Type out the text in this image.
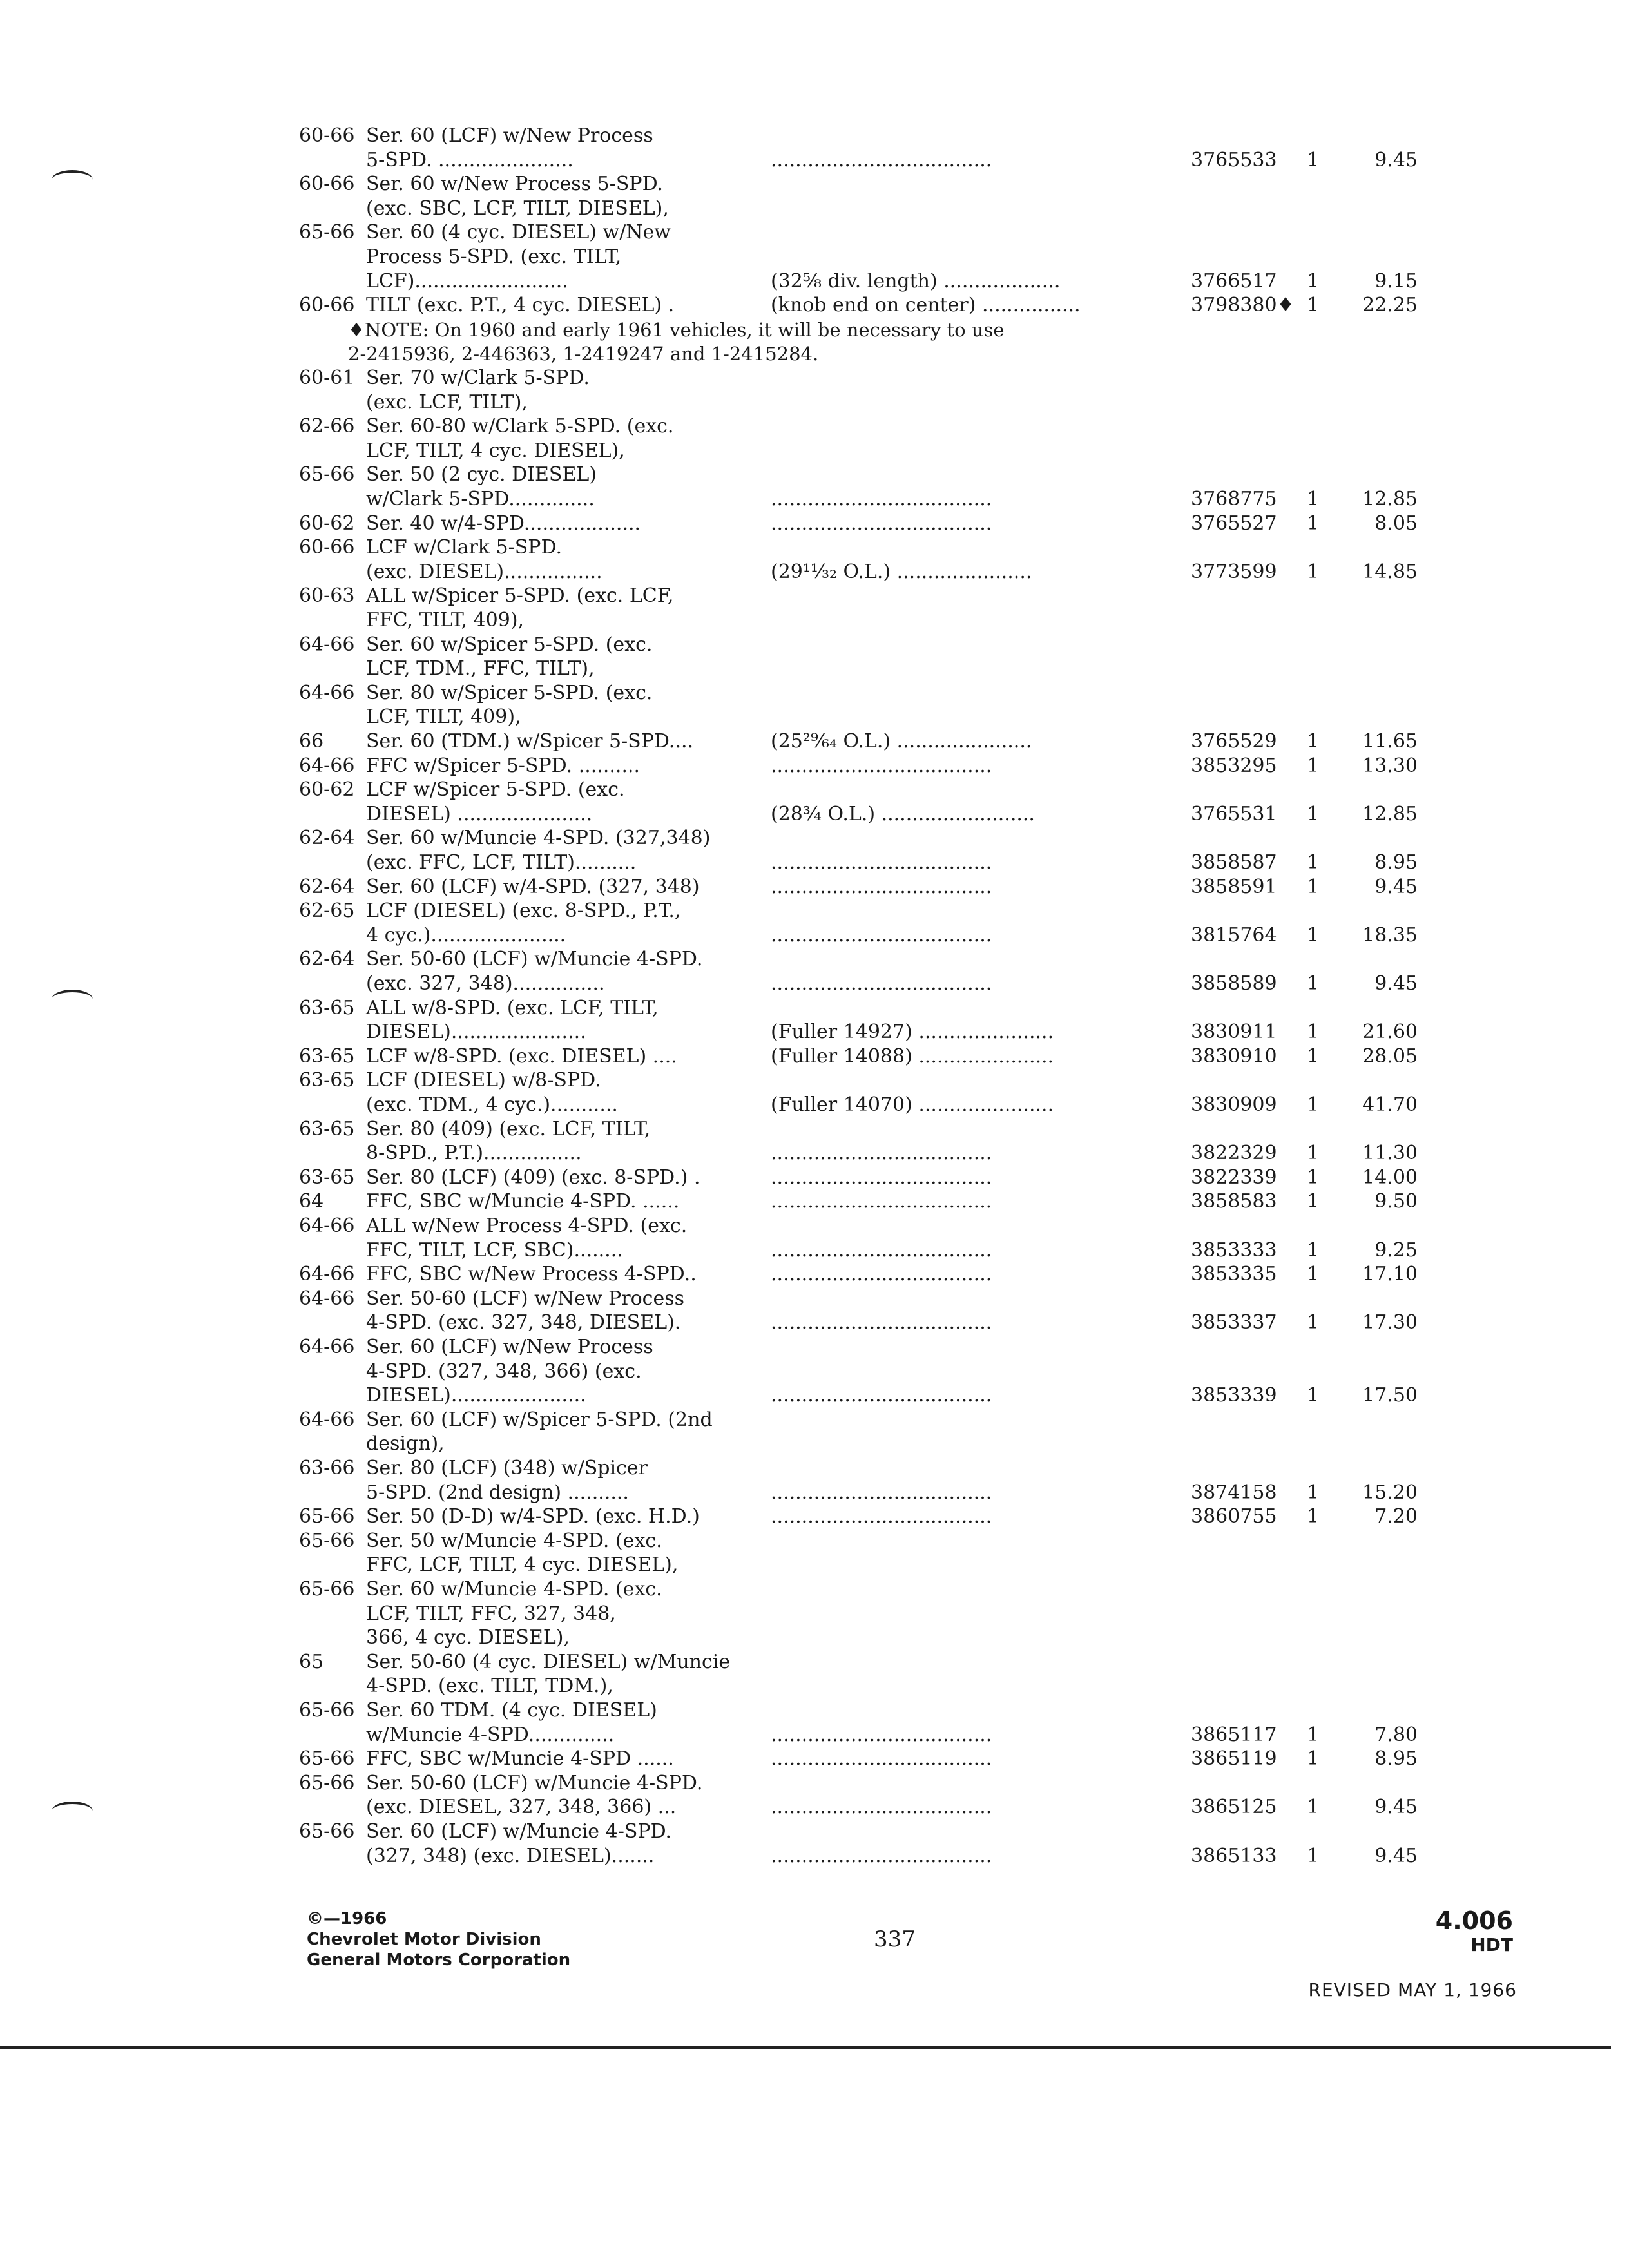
60-66 Ser. 60 (LCF) w/New Process
5-SPD. ......................	....................................	3765533 1	9.45
60-66 Ser. 60 w/New Process 5-SPD.
(exc. SBC, LCF, TILT, DIESEL),
65-66 Ser. 60 (4 cyc. DIESEL) w/New
Process 5-SPD. (exc. TILT,
LCF).........................	(32⅝ div. length) ...................	3766517 1	9.15
60-66 TILT (exc. P.T., 4 cyc. DIESEL) .	(knob end on center) ................	3798380♦ 1 22.25
♦NOTE: On 1960 and early 1961 vehicles, it will be necessary to use
2-2415936, 2-446363, 1-2419247 and 1-2415284.
60-61 Ser. 70 w/Clark 5-SPD.
(exc. LCF, TILT),
62-66 Ser. 60-80 w/Clark 5-SPD. (exc.
LCF, TILT, 4 cyc. DIESEL),
65-66 Ser. 50 (2 cyc. DIESEL)
w/Clark 5-SPD..............	....................................	3768775 1 12.85
60-62 Ser. 40 w/4-SPD...................	....................................	3765527 1	8.05
60-66 LCF w/Clark 5-SPD.
(exc. DIESEL)................	(29¹¹⁄₃₂ O.L.) ......................	3773599 1 14.85
60-63 ALL w/Spicer 5-SPD. (exc. LCF,
FFC, TILT, 409),
64-66 Ser. 60 w/Spicer 5-SPD. (exc.
LCF, TDM., FFC, TILT),
64-66 Ser. 80 w/Spicer 5-SPD. (exc.
LCF, TILT, 409),
66 Ser. 60 (TDM.) w/Spicer 5-SPD....	(25²⁹⁄₆₄ O.L.) ......................	3765529 1 11.65
64-66 FFC w/Spicer 5-SPD. ..........	....................................	3853295 1 13.30
60-62 LCF w/Spicer 5-SPD. (exc.
DIESEL) ......................	(28¾ O.L.) .........................	3765531 1 12.85
62-64 Ser. 60 w/Muncie 4-SPD. (327,348)
(exc. FFC, LCF, TILT)..........	....................................	3858587 1	8.95
62-64 Ser. 60 (LCF) w/4-SPD. (327, 348)	....................................	3858591 1	9.45
62-65 LCF (DIESEL) (exc. 8-SPD., P.T.,
4 cyc.)......................	....................................	3815764 1 18.35
62-64 Ser. 50-60 (LCF) w/Muncie 4-SPD.
(exc. 327, 348)...............	....................................	3858589 1	9.45
63-65 ALL w/8-SPD. (exc. LCF, TILT,
DIESEL)......................	(Fuller 14927) ......................	3830911 1 21.60
63-65 LCF w/8-SPD. (exc. DIESEL) ....	(Fuller 14088) ......................	3830910 1 28.05
63-65 LCF (DIESEL) w/8-SPD.
(exc. TDM., 4 cyc.)...........	(Fuller 14070) ......................	3830909 1 41.70
63-65 Ser. 80 (409) (exc. LCF, TILT,
8-SPD., P.T.)................	....................................	3822329 1 11.30
63-65 Ser. 80 (LCF) (409) (exc. 8-SPD.) .	....................................	3822339 1 14.00
64 FFC, SBC w/Muncie 4-SPD. ......	....................................	3858583 1	9.50
64-66 ALL w/New Process 4-SPD. (exc.
FFC, TILT, LCF, SBC)........	....................................	3853333 1	9.25
64-66 FFC, SBC w/New Process 4-SPD..	....................................	3853335 1 17.10
64-66 Ser. 50-60 (LCF) w/New Process
4-SPD. (exc. 327, 348, DIESEL).	....................................	3853337 1 17.30
64-66 Ser. 60 (LCF) w/New Process
4-SPD. (327, 348, 366) (exc.
DIESEL)......................	....................................	3853339 1 17.50
64-66 Ser. 60 (LCF) w/Spicer 5-SPD. (2nd
design),
63-66 Ser. 80 (LCF) (348) w/Spicer
5-SPD. (2nd design) ..........	....................................	3874158 1 15.20
65-66 Ser. 50 (D-D) w/4-SPD. (exc. H.D.)	....................................	3860755 1	7.20
65-66 Ser. 50 w/Muncie 4-SPD. (exc.
FFC, LCF, TILT, 4 cyc. DIESEL),
65-66 Ser. 60 w/Muncie 4-SPD. (exc.
LCF, TILT, FFC, 327, 348,
366, 4 cyc. DIESEL),
65 Ser. 50-60 (4 cyc. DIESEL) w/Muncie
4-SPD. (exc. TILT, TDM.),
65-66 Ser. 60 TDM. (4 cyc. DIESEL)
w/Muncie 4-SPD..............	....................................	3865117 1	7.80
65-66 FFC, SBC w/Muncie 4-SPD ......	....................................	3865119 1	8.95
65-66 Ser. 50-60 (LCF) w/Muncie 4-SPD.
(exc. DIESEL, 327, 348, 366) ...	....................................	3865125 1	9.45
65-66 Ser. 60 (LCF) w/Muncie 4-SPD.
(327, 348) (exc. DIESEL).......	....................................	3865133 1	9.45
©—1966
Chevrolet Motor Division
General Motors Corporation
337
4.006
HDT
REVISED MAY 1, 1966
